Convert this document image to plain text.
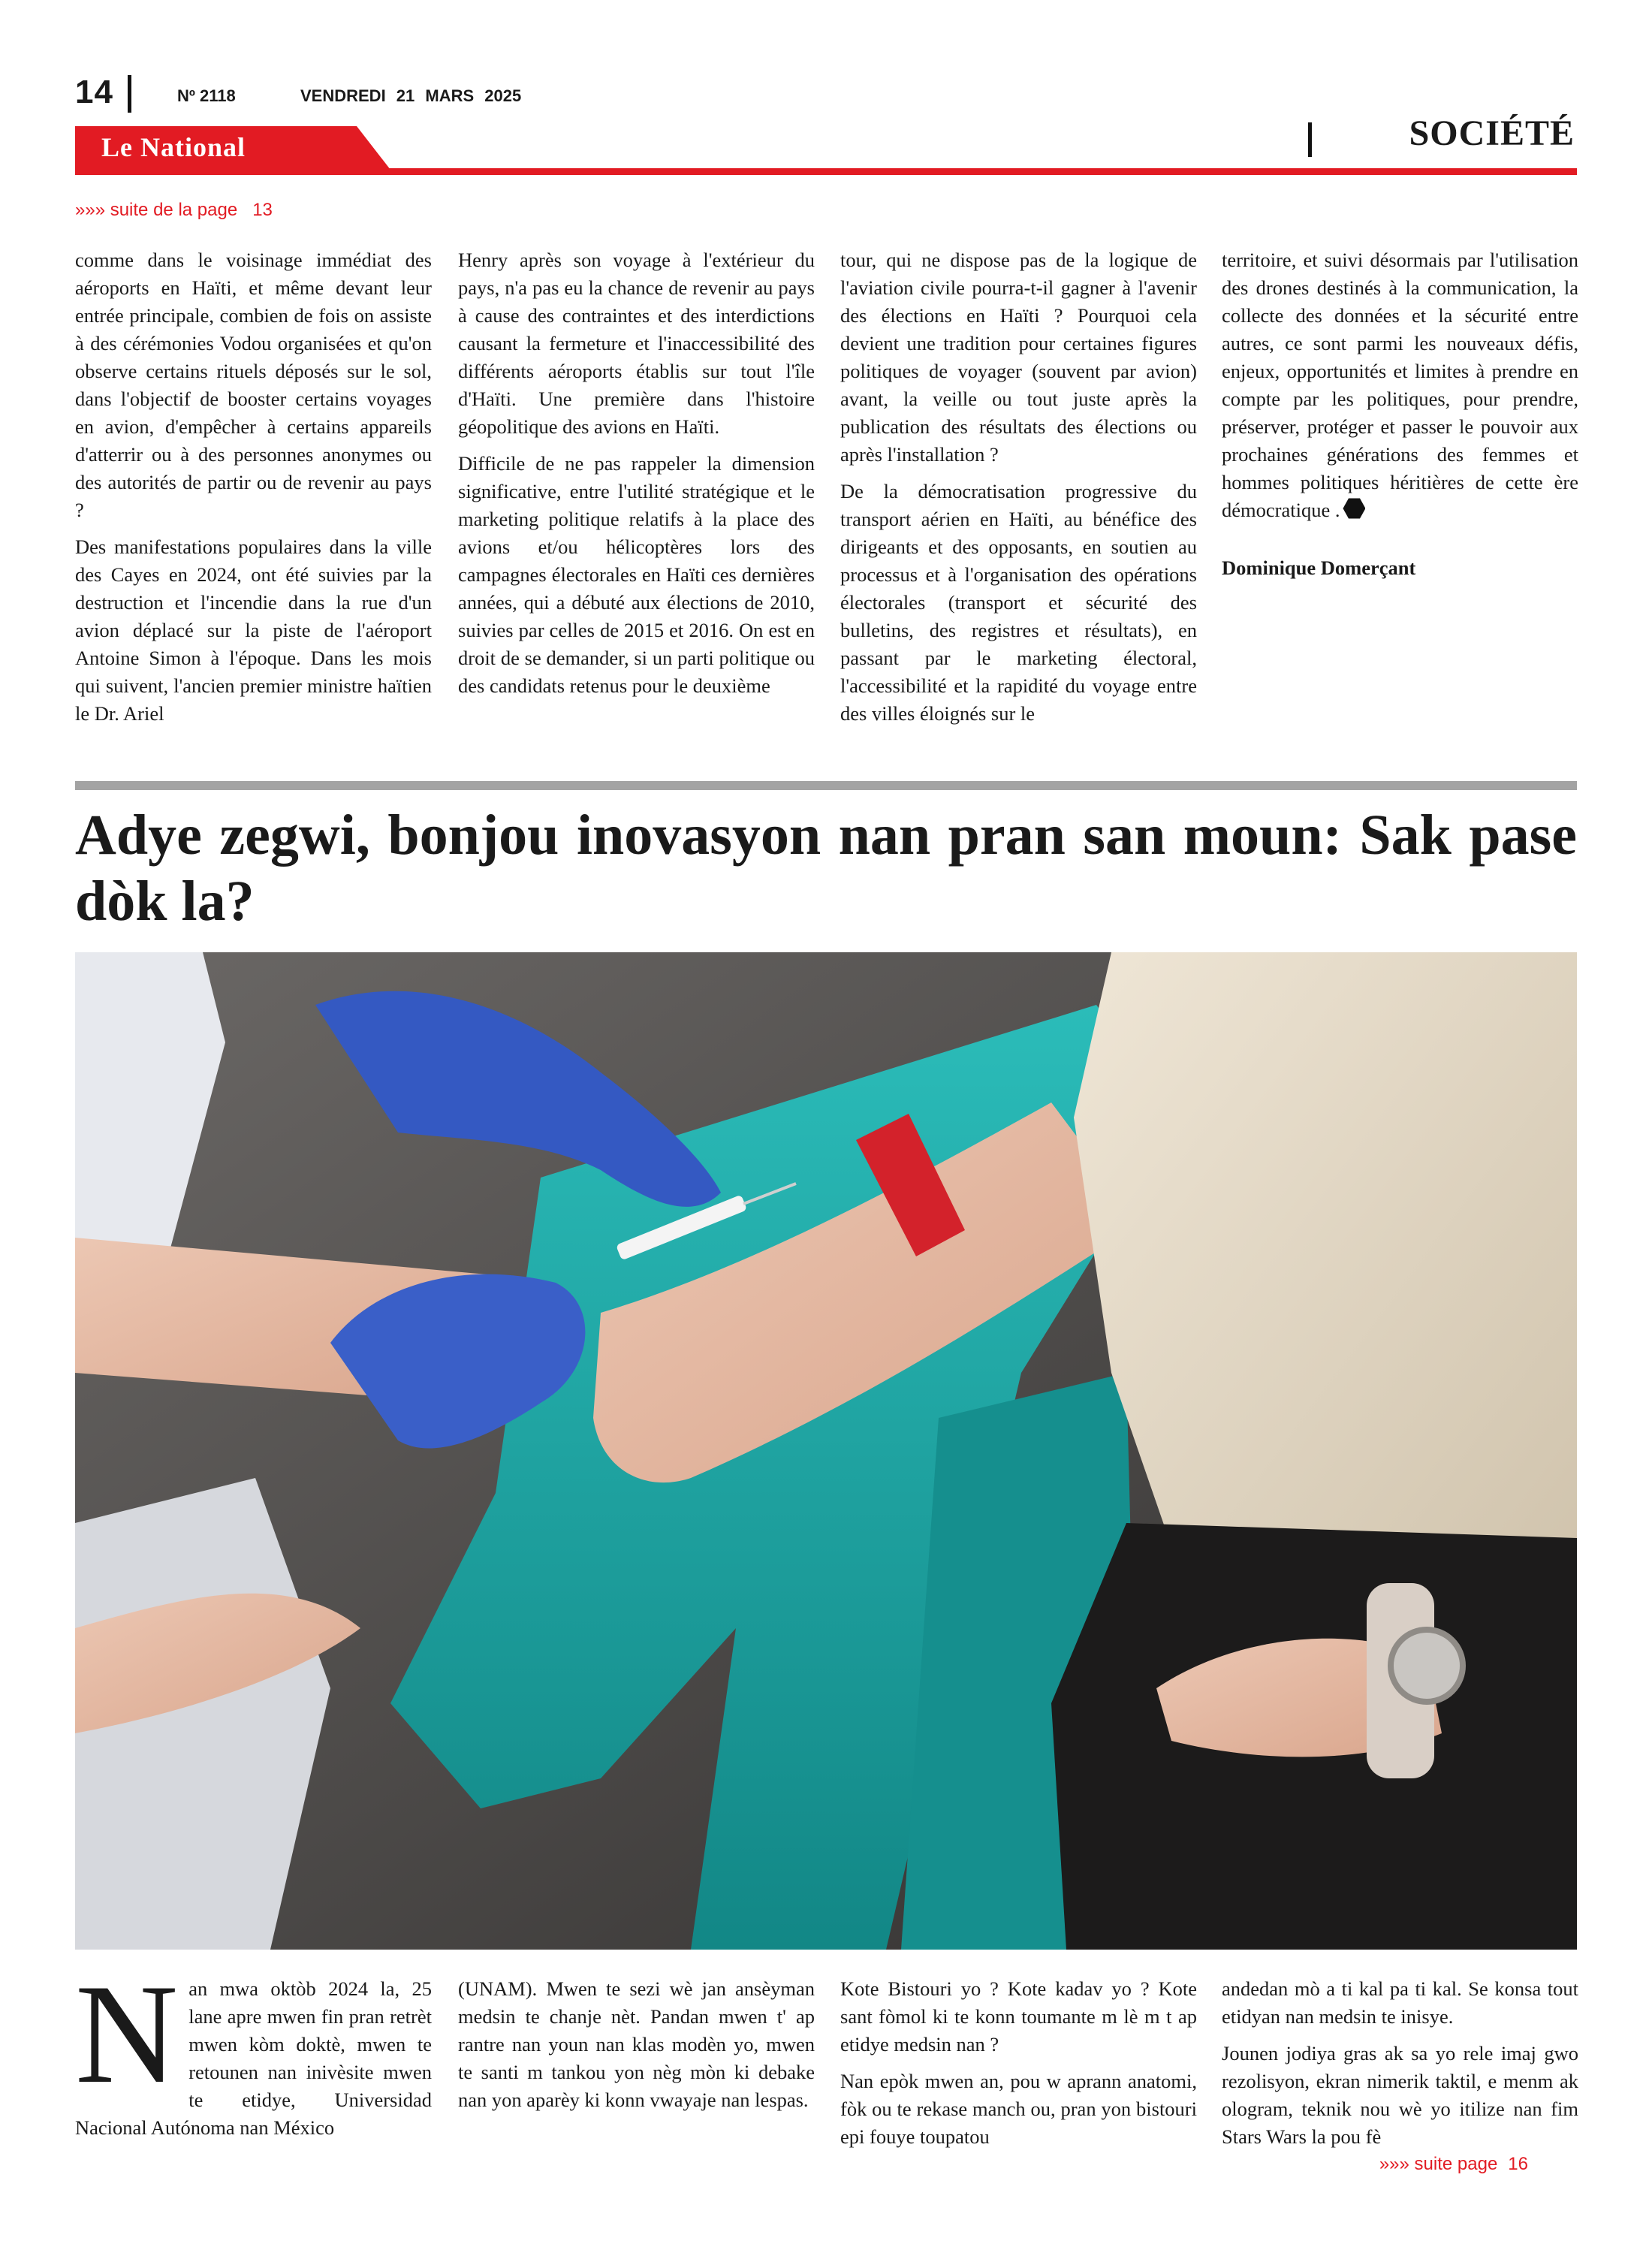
14	Nº 2118	VENDREDI 21 MARS 2025
SOCIÉTÉ
Le National
»»» suite de la page 13

comme dans le voisinage immédiat des aéroports en Haïti, et même devant leur entrée principale, combien de fois on assiste à des cérémonies Vodou organisées et qu'on observe certains rituels déposés sur le sol, dans l'objectif de booster certains voyages en avion, d'empêcher à certains appareils d'atterrir ou à des personnes anonymes ou des autorités de partir ou de revenir au pays ?

Des manifestations populaires dans la ville des Cayes en 2024, ont été suivies par la destruction et l'incendie dans la rue d'un avion déplacé sur la piste de l'aéroport Antoine Simon à l'époque. Dans les mois qui suivent, l'ancien premier ministre haïtien le Dr. Ariel

Henry après son voyage à l'extérieur du pays, n'a pas eu la chance de revenir au pays à cause des contraintes et des interdictions causant la fermeture et l'inaccessibilité des différents aéroports établis sur tout l'île d'Haïti. Une première dans l'histoire géopolitique des avions en Haïti.

Difficile de ne pas rappeler la dimension significative, entre l'utilité stratégique et le marketing politique relatifs à la place des avions et/ou hélicoptères lors des campagnes électorales en Haïti ces dernières années, qui a débuté aux élections de 2010, suivies par celles de 2015 et 2016. On est en droit de se demander, si un parti politique ou des candidats retenus pour le deuxième

tour, qui ne dispose pas de la logique de l'aviation civile pourra-t-il gagner à l'avenir des élections en Haïti ? Pourquoi cela devient une tradition pour certaines figures politiques de voyager (souvent par avion) avant, la veille ou tout juste après la publication des résultats des élections ou après l'installation ?

De la démocratisation progressive du transport aérien en Haïti, au bénéfice des dirigeants et des opposants, en soutien au processus et à l'organisation des opérations électorales (transport et sécurité des bulletins, des registres et résultats), en passant par le marketing électoral, l'accessibilité et la rapidité du voyage entre des villes éloignés sur le

territoire, et suivi désormais par l'utilisation des drones destinés à la communication, la collecte des données et la sécurité entre autres, ce sont parmi les nouveaux défis, enjeux, opportunités et limites à prendre en compte par les politiques, pour prendre, préserver, protéger et passer le pouvoir aux prochaines générations des femmes et hommes politiques héritières de cette ère démocratique .

Dominique Domerçant

Adye zegwi, bonjou inovasyon nan pran san moun: Sak pase dòk la?

Nan mwa oktòb 2024 la, 25 lane apre mwen fin pran retrèt mwen kòm doktè, mwen te retounen nan inivèsite mwen te etidye, Universidad Nacional Autónoma nan México

(UNAM). Mwen te sezi wè jan ansèyman medsin te chanje nèt. Pandan mwen t' ap rantre nan youn nan klas modèn yo, mwen te santi m tankou yon nèg mòn ki debake nan yon aparèy ki konn vwayaje nan lespas.

Kote Bistouri yo ? Kote kadav yo ? Kote sant fòmol ki te konn toumante m lè m t ap etidye medsin nan ?

Nan epòk mwen an, pou w aprann anatomi, fòk ou te rekase manch ou, pran yon bistouri epi fouye toupatou

andedan mò a ti kal pa ti kal. Se konsa tout etidyan nan medsin te inisye.

Jounen jodiya gras ak sa yo rele imaj gwo rezolisyon, ekran nimerik taktil, e menm ak ologram, teknik nou wè yo itilize nan fim Stars Wars la pou fè

»»» suite page 16
